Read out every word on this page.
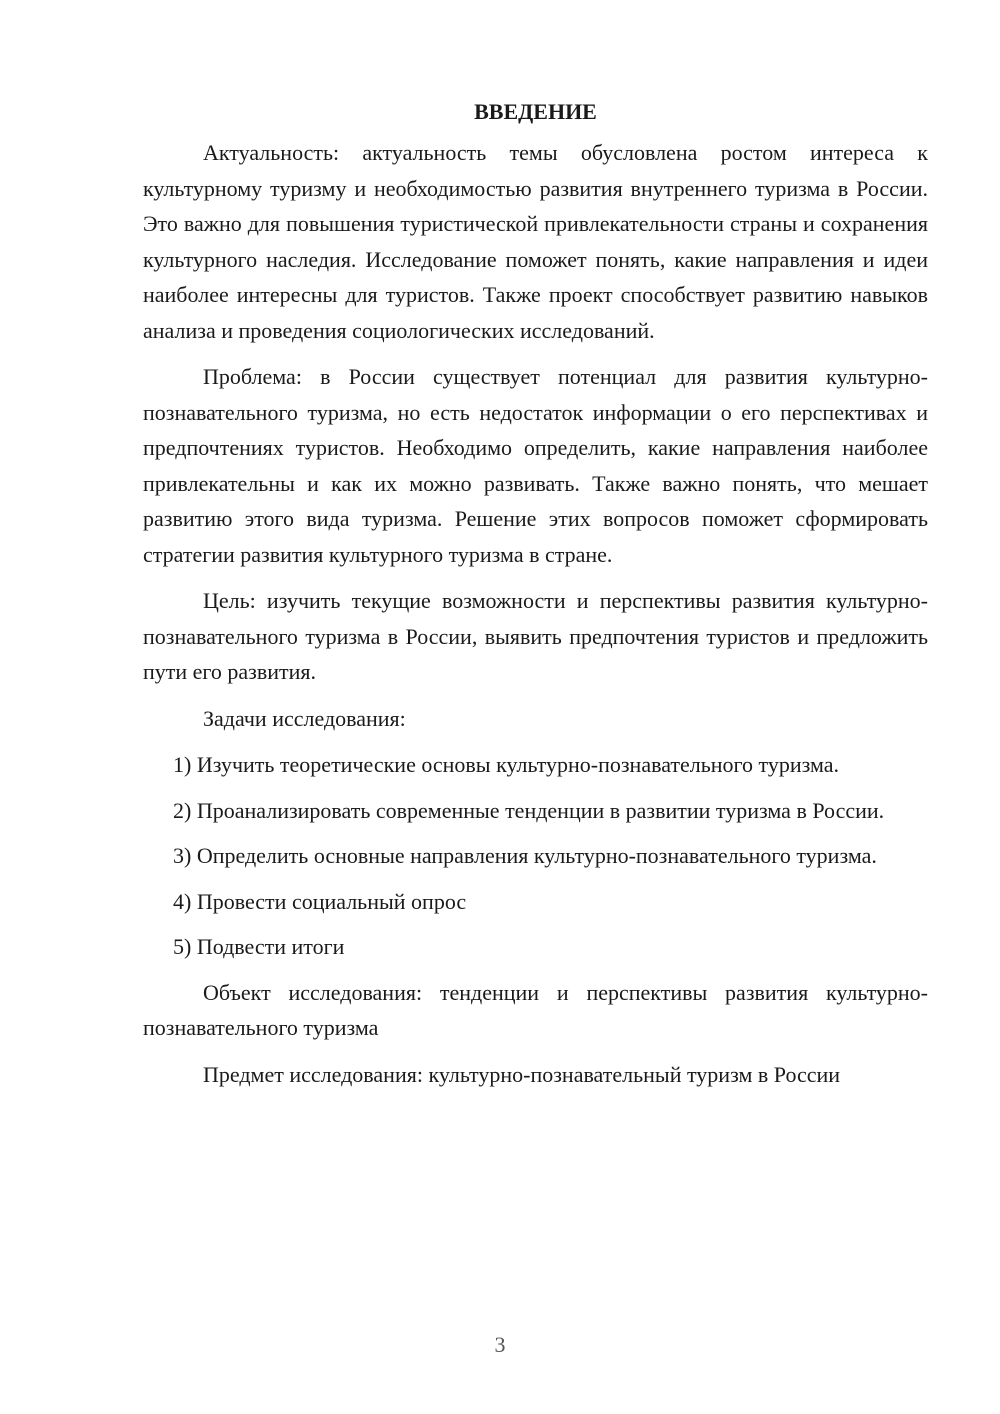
ВВЕДЕНИЕ

Актуальность: актуальность темы обусловлена ростом интереса к культурному туризму и необходимостью развития внутреннего туризма в России. Это важно для повышения туристической привлекательности страны и сохранения культурного наследия. Исследование поможет понять, какие направления и идеи наиболее интересны для туристов. Также проект способствует развитию навыков анализа и проведения социологических исследований.

Проблема: в России существует потенциал для развития культурно-познавательного туризма, но есть недостаток информации о его перспективах и предпочтениях туристов. Необходимо определить, какие направления наиболее привлекательны и как их можно развивать. Также важно понять, что мешает развитию этого вида туризма. Решение этих вопросов поможет сформировать стратегии развития культурного туризма в стране.

Цель: изучить текущие возможности и перспективы развития культурно-познавательного туризма в России, выявить предпочтения туристов и предложить пути его развития.

Задачи исследования:

1) Изучить теоретические основы культурно-познавательного туризма.

2) Проанализировать современные тенденции в развитии туризма в России.

3) Определить основные направления культурно-познавательного туризма.

4) Провести социальный опрос

5) Подвести итоги

Объект исследования: тенденции и перспективы развития культурно-познавательного туризма

Предмет исследования: культурно-познавательный туризм в России

3
